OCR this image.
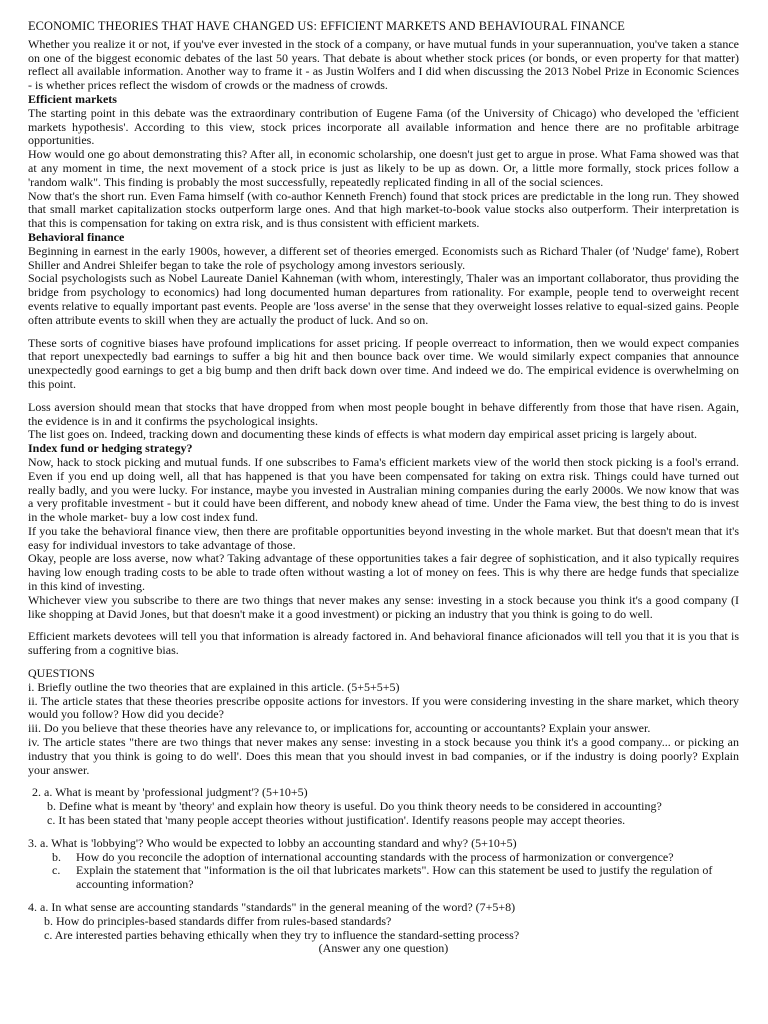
ECONOMIC THEORIES THAT HAVE CHANGED US: EFFICIENT MARKETS AND BEHAVIOURAL FINANCE

Whether you realize it or not, if you've ever invested in the stock of a company, or have mutual funds in your superannuation, you've taken a stance on one of the biggest economic debates of the last 50 years. That debate is about whether stock prices (or bonds, or even property for that matter) reflect all available information. Another way to frame it - as Justin Wolfers and I did when discussing the 2013 Nobel Prize in Economic Sciences - is whether prices reflect the wisdom of crowds or the madness of crowds.

Efficient markets

The starting point in this debate was the extraordinary contribution of Eugene Fama (of the University of Chicago) who developed the 'efficient markets hypothesis'. According to this view, stock prices incorporate all available information and hence there are no profitable arbitrage opportunities.

How would one go about demonstrating this? After all, in economic scholarship, one doesn't just get to argue in prose. What Fama showed was that at any moment in time, the next movement of a stock price is just as likely to be up as down. Or, a little more formally, stock prices follow a 'random walk". This finding is probably the most successfully, repeatedly replicated finding in all of the social sciences.

Now that's the short run. Even Fama himself (with co-author Kenneth French) found that stock prices are predictable in the long run. They showed that small market capitalization stocks outperform large ones. And that high market-to-book value stocks also outperform. Their interpretation is that this is compensation for taking on extra risk, and is thus consistent with efficient markets.

Behavioral finance

Beginning in earnest in the early 1900s, however, a different set of theories emerged. Economists such as Richard Thaler (of 'Nudge' fame), Robert Shiller and Andrei Shleifer began to take the role of psychology among investors seriously.

Social psychologists such as Nobel Laureate Daniel Kahneman (with whom, interestingly, Thaler was an important collaborator, thus providing the bridge from psychology to economics) had long documented human departures from rationality. For example, people tend to overweight recent events relative to equally important past events. People are 'loss averse' in the sense that they overweight losses relative to equal-sized gains. People often attribute events to skill when they are actually the product of luck. And so on.

These sorts of cognitive biases have profound implications for asset pricing. If people overreact to information, then we would expect companies that report unexpectedly bad earnings to suffer a big hit and then bounce back over time. We would similarly expect companies that announce unexpectedly good earnings to get a big bump and then drift back down over time. And indeed we do. The empirical evidence is overwhelming on this point.

Loss aversion should mean that stocks that have dropped from when most people bought in behave differently from those that have risen. Again, the evidence is in and it confirms the psychological insights.

The list goes on. Indeed, tracking down and documenting these kinds of effects is what modern day empirical asset pricing is largely about.

Index fund or hedging strategy?

Now, hack to stock picking and mutual funds. If one subscribes to Fama's efficient markets view of the world then stock picking is a fool's errand. Even if you end up doing well, all that has happened is that you have been compensated for taking on extra risk. Things could have turned out really badly, and you were lucky. For instance, maybe you invested in Australian mining companies during the early 2000s. We now know that was a very profitable investment - but it could have been different, and nobody knew ahead of time. Under the Fama view, the best thing to do is invest in the whole market- buy a low cost index fund.

If you take the behavioral finance view, then there are profitable opportunities beyond investing in the whole market. But that doesn't mean that it's easy for individual investors to take advantage of those.

Okay, people are loss averse, now what? Taking advantage of these opportunities takes a fair degree of sophistication, and it also typically requires having low enough trading costs to be able to trade often without wasting a lot of money on fees. This is why there are hedge funds that specialize in this kind of investing.

Whichever view you subscribe to there are two things that never makes any sense: investing in a stock because you think it's a good company (I like shopping at David Jones, but that doesn't make it a good investment) or picking an industry that you think is going to do well.

Efficient markets devotees will tell you that information is already factored in. And behavioral finance aficionados will tell you that it is you that is suffering from a cognitive bias.

QUESTIONS

i. Briefly outline the two theories that are explained in this article. (5+5+5+5)

ii. The article states that these theories prescribe opposite actions for investors. If you were considering investing in the share market, which theory would you follow? How did you decide?

iii. Do you believe that these theories have any relevance to, or implications for, accounting or accountants? Explain your answer.

iv. The article states "there are two things that never makes any sense: investing in a stock because you think it's a good company... or picking an industry that you think is going to do well'. Does this mean that you should invest in bad companies, or if the industry is doing poorly? Explain your answer.

2. a. What is meant by 'professional judgment'? (5+10+5)
b. Define what is meant by 'theory' and explain how theory is useful. Do you think theory needs to be considered in accounting?
c. It has been stated that 'many people accept theories without justification'. Identify reasons people may accept theories.
3. a. What is 'lobbying'? Who would be expected to lobby an accounting standard and why? (5+10+5)
b.	How do you reconcile the adoption of international accounting standards with the process of harmonization or convergence?
c.	Explain the statement that "information is the oil that lubricates markets". How can this statement be used to justify the regulation of accounting information?
4. a. In what sense are accounting standards "standards" in the general meaning of the word? (7+5+8)
b. How do principles-based standards differ from rules-based standards?
c. Are interested parties behaving ethically when they try to influence the standard-setting process?
(Answer any one question)
